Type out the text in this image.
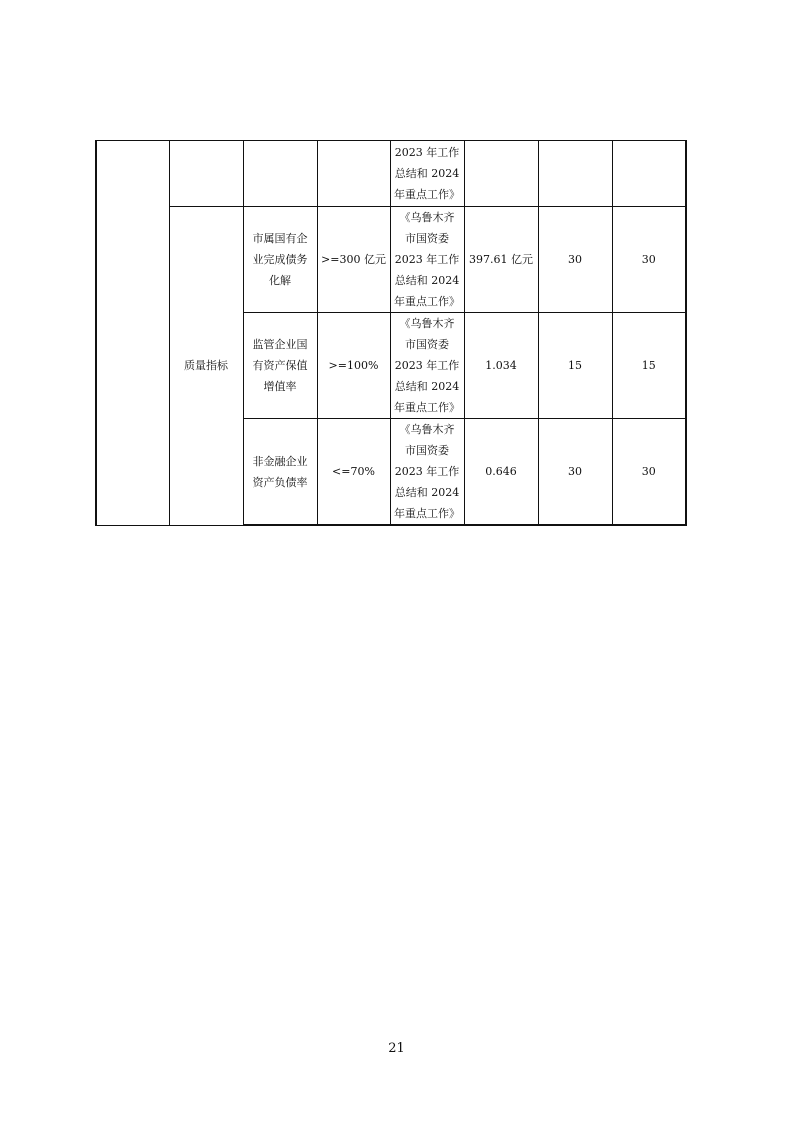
				2023 年工作
总结和 2024
年重点工作》			

	质量指标	市属国有企
业完成债务
化解	>=300 亿元	《乌鲁木齐
市国资委
2023 年工作
总结和 2024
年重点工作》	397.61 亿元	30	30

		监管企业国
有资产保值
增值率	>=100%	《乌鲁木齐
市国资委
2023 年工作
总结和 2024
年重点工作》	1.034	15	15

		非金融企业
资产负债率	<=70%	《乌鲁木齐
市国资委
2023 年工作
总结和 2024
年重点工作》	0.646	30	30
21
